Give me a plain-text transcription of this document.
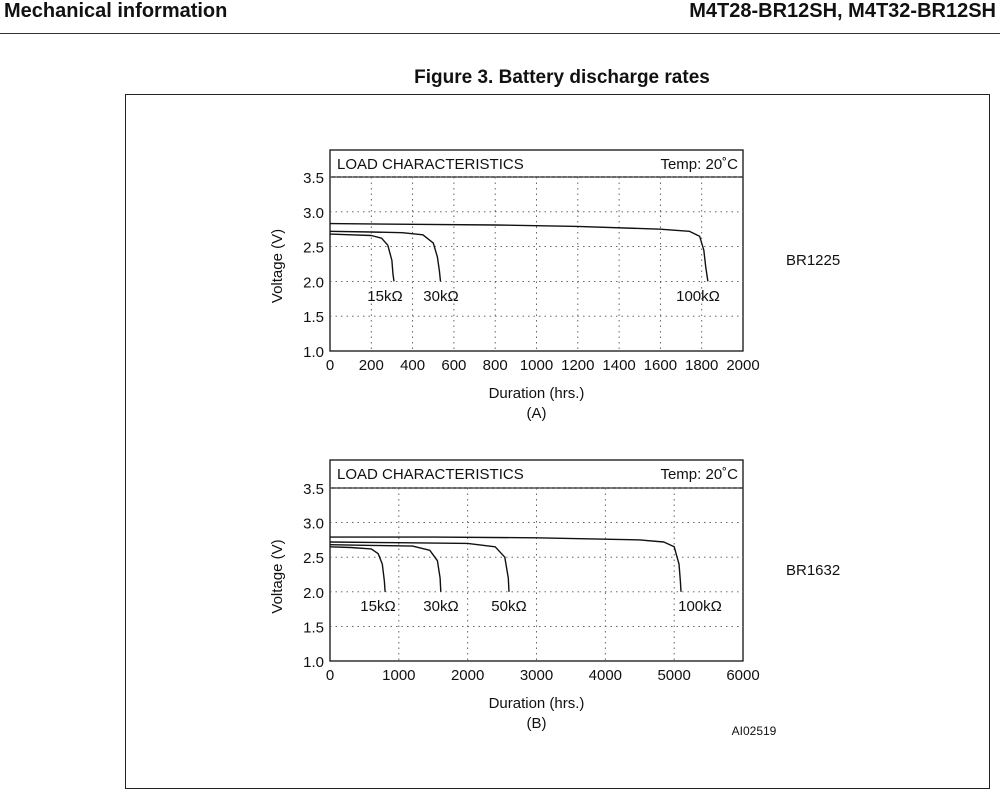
Mechanical information	M4T28-BR12SH, M4T32-BR12SH
Figure 3. Battery discharge rates
LOAD CHARACTERISTICS	Temp: 20˚C
1.0
1.5
2.0
2.5
3.0
3.5
0 200 400 600 800 1000 1200 1400 1600 1800 2000
Duration (hrs.)
(A)
Voltage (V)	BR1225
15kΩ 30kΩ	100kΩ
LOAD CHARACTERISTICS	Temp: 20˚C
1.0
1.5
2.0
2.5
3.0
3.5
0	1000 2000 3000 4000 5000 6000
Duration (hrs.)
(B)
Voltage (V)	BR1632
15kΩ 30kΩ 50kΩ	100kΩ
AI02519
